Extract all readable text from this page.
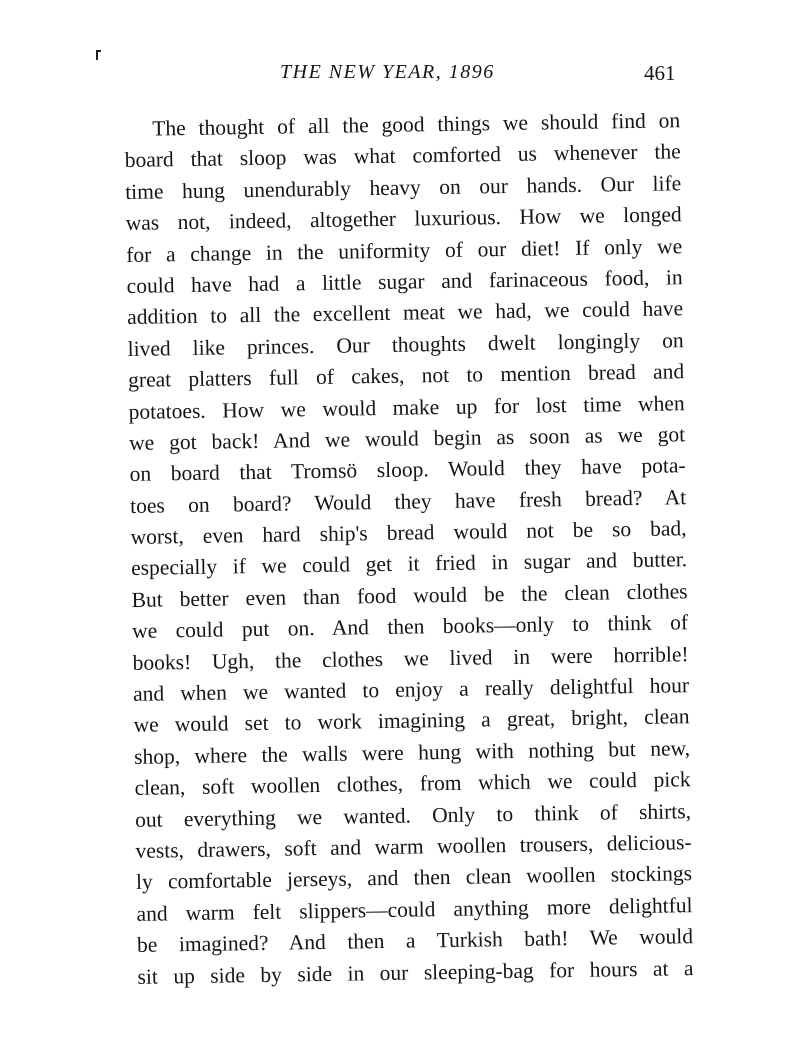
THE NEW YEAR, 1896	461
The thought of all the good things we should find on
board that sloop was what comforted us whenever the
time hung unendurably heavy on our hands. Our life
was not, indeed, altogether luxurious. How we longed
for a change in the uniformity of our diet! If only we
could have had a little sugar and farinaceous food, in
addition to all the excellent meat we had, we could have
lived like princes. Our thoughts dwelt longingly on
great platters full of cakes, not to mention bread and
potatoes. How we would make up for lost time when
we got back! And we would begin as soon as we got
on board that Tromsö sloop. Would they have pota-
toes on board? Would they have fresh bread? At
worst, even hard ship's bread would not be so bad,
especially if we could get it fried in sugar and butter.
But better even than food would be the clean clothes
we could put on. And then books—only to think of
books! Ugh, the clothes we lived in were horrible!
and when we wanted to enjoy a really delightful hour
we would set to work imagining a great, bright, clean
shop, where the walls were hung with nothing but new,
clean, soft woollen clothes, from which we could pick
out everything we wanted. Only to think of shirts,
vests, drawers, soft and warm woollen trousers, delicious-
ly comfortable jerseys, and then clean woollen stockings
and warm felt slippers—could anything more delightful
be imagined? And then a Turkish bath! We would
sit up side by side in our sleeping-bag for hours at a
